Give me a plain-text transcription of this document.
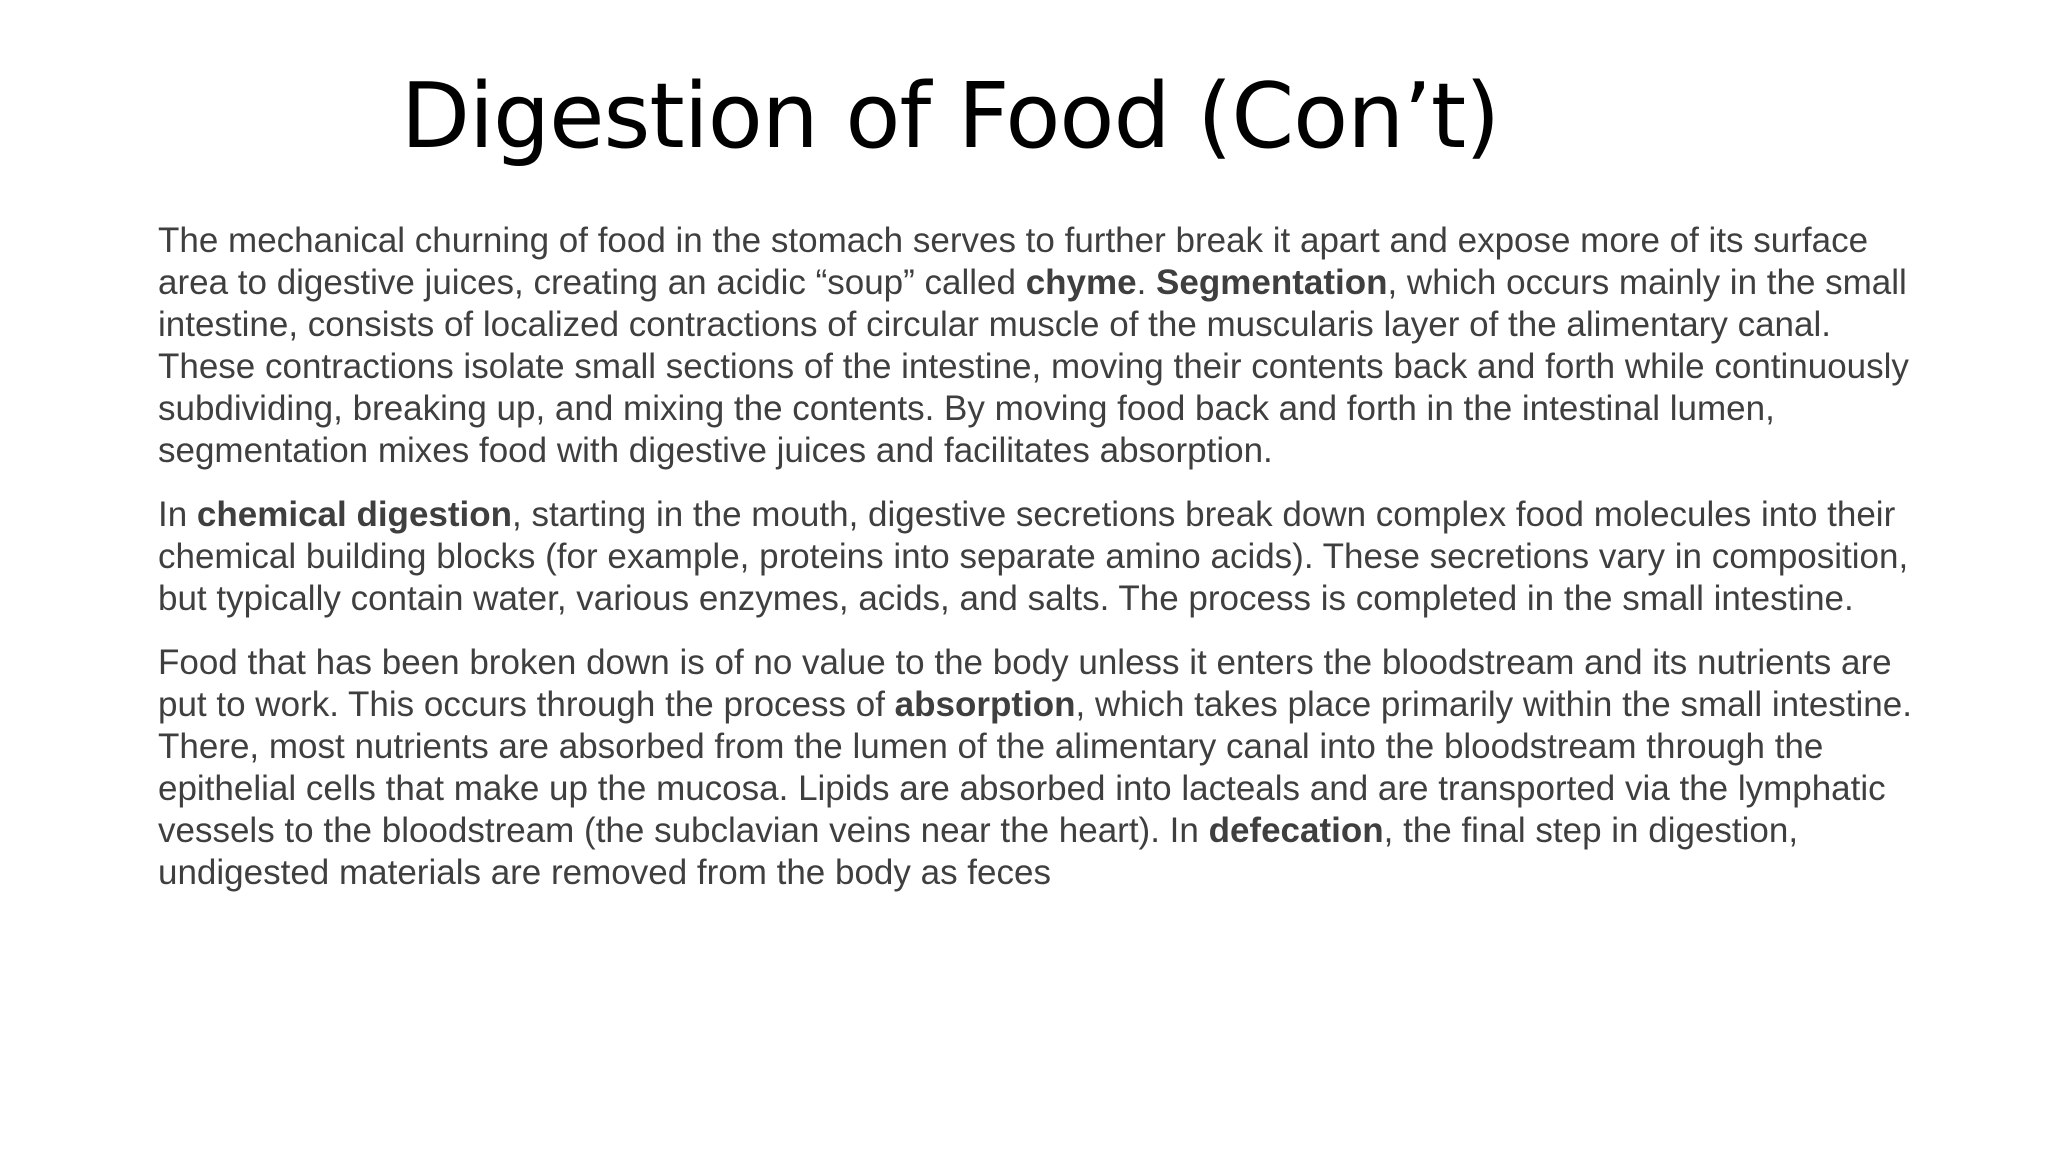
Digestion of Food (Con’t)

The mechanical churning of food in the stomach serves to further break it apart and expose more of its surface area to digestive juices, creating an acidic “soup” called chyme. Segmentation, which occurs mainly in the small intestine, consists of localized contractions of circular muscle of the muscularis layer of the alimentary canal. These contractions isolate small sections of the intestine, moving their contents back and forth while continuously subdividing, breaking up, and mixing the contents. By moving food back and forth in the intestinal lumen, segmentation mixes food with digestive juices and facilitates absorption.

In chemical digestion, starting in the mouth, digestive secretions break down complex food molecules into their chemical building blocks (for example, proteins into separate amino acids). These secretions vary in composition, but typically contain water, various enzymes, acids, and salts. The process is completed in the small intestine.

Food that has been broken down is of no value to the body unless it enters the bloodstream and its nutrients are put to work. This occurs through the process of absorption, which takes place primarily within the small intestine. There, most nutrients are absorbed from the lumen of the alimentary canal into the bloodstream through the epithelial cells that make up the mucosa. Lipids are absorbed into lacteals and are transported via the lymphatic vessels to the bloodstream (the subclavian veins near the heart). In defecation, the final step in digestion, undigested materials are removed from the body as feces
